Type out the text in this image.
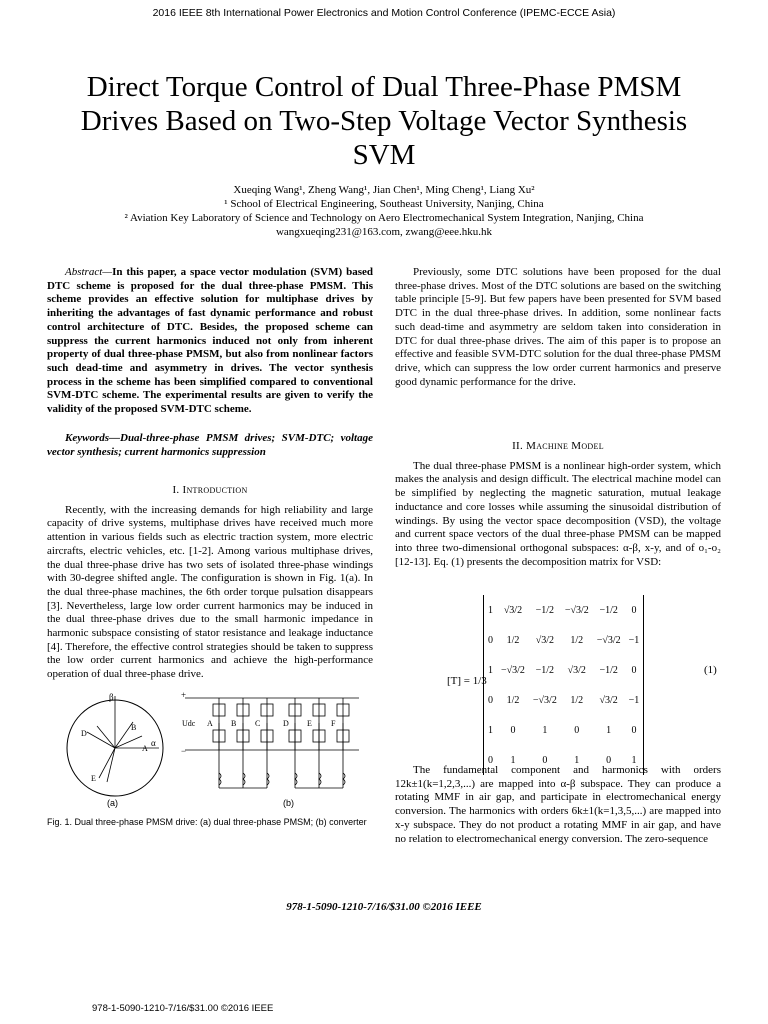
2016 IEEE 8th International Power Electronics and Motion Control Conference (IPEMC-ECCE Asia)
Direct Torque Control of Dual Three-Phase PMSM Drives Based on Two-Step Voltage Vector Synthesis SVM
Xueqing Wang¹, Zheng Wang¹, Jian Chen¹, Ming Cheng¹, Liang Xu²
¹ School of Electrical Engineering, Southeast University, Nanjing, China
² Aviation Key Laboratory of Science and Technology on Aero Electromechanical System Integration, Nanjing, China
wangxueqing231@163.com, zwang@eee.hku.hk
Abstract—In this paper, a space vector modulation (SVM) based DTC scheme is proposed for the dual three-phase PMSM. This scheme provides an effective solution for multiphase drives by inheriting the advantages of fast dynamic performance and robust control architecture of DTC. Besides, the proposed scheme can suppress the current harmonics induced not only from inherent property of dual three-phase PMSM, but also from nonlinear factors such dead-time and asymmetry in drives. The vector synthesis process in the scheme has been simplified compared to conventional SVM-DTC scheme. The experimental results are given to verify the validity of the proposed SVM-DTC scheme.
Keywords—Dual-three-phase PMSM drives; SVM-DTC; voltage vector synthesis; current harmonics suppression
I. Introduction

Recently, with the increasing demands for high reliability and large capacity of drive systems, multiphase drives have received much more attention in various fields such as electric traction system, more electric aircrafts, electric vehicles, etc. [1-2]. Among various multiphase drives, the dual three-phase drive has two sets of isolated three-phase windings with 30-degree shifted angle. The configuration is shown in Fig. 1(a). In the dual three-phase machines, the 6th order torque pulsation disappears [3]. Nevertheless, large low order current harmonics may be induced in the dual three-phase drives due to the small harmonic impedance in harmonic subspace consisting of stator resistance and leakage inductance [4]. Therefore, the effective control strategies should be taken to suppress the low order current harmonics and achieve the high-performance operation of dual three-phase drive.

β
α
A
B
D
E
+
−
Udc A B C	D E F
(a)	(b)
Fig. 1. Dual three-phase PMSM drive: (a) dual three-phase PMSM; (b) converter
Previously, some DTC solutions have been proposed for the dual three-phase drives. Most of the DTC solutions are based on the switching table principle [5-9]. But few papers have been presented for SVM based DTC in the dual three-phase drives. In addition, some nonlinear facts such dead-time and asymmetry are seldom taken into consideration in DTC for dual three-phase drives. The aim of this paper is to propose an effective and feasible SVM-DTC solution for the dual three-phase PMSM drive, which can suppress the low order current harmonics and preserve good dynamic performance for the drive.
II. Machine Model

The dual three-phase PMSM is a nonlinear high-order system, which makes the analysis and design difficult. The electrical machine model can be simplified by neglecting the magnetic saturation, mutual leakage inductance and core losses while assuming the sinusoidal distribution of windings. By using the vector space decomposition (VSD), the voltage and current space vectors of the dual three-phase PMSM can be mapped into three two-dimensional orthogonal subspaces: α-β, x-y, and of o₁-o₂ [12-13]. Eq. (1) presents the decomposition matrix for VSD:

[T] = 1/3
1	√3/2	−1/2	−√3/2	−1/2	0
0	1/2	√3/2	1/2	−√3/2	−1
1	−√3/2	−1/2	√3/2	−1/2	0
0	1/2	−√3/2	1/2	√3/2	−1
1	0	1	0	1	0
0	1	0	1	0	1
(1)
The fundamental component and harmonics with orders 12k±1(k=1,2,3,...) are mapped into α-β subspace. They can produce a rotating MMF in air gap, and participate in electromechanical energy conversion. The harmonics with orders 6k±1(k=1,3,5,...) are mapped into x-y subspace. They do not product a rotating MMF in air gap, and have no relation to electromechanical energy conversion. The zero-sequence
978-1-5090-1210-7/16/$31.00 ©2016 IEEE
978-1-5090-1210-7/16/$31.00 ©2016 IEEE
